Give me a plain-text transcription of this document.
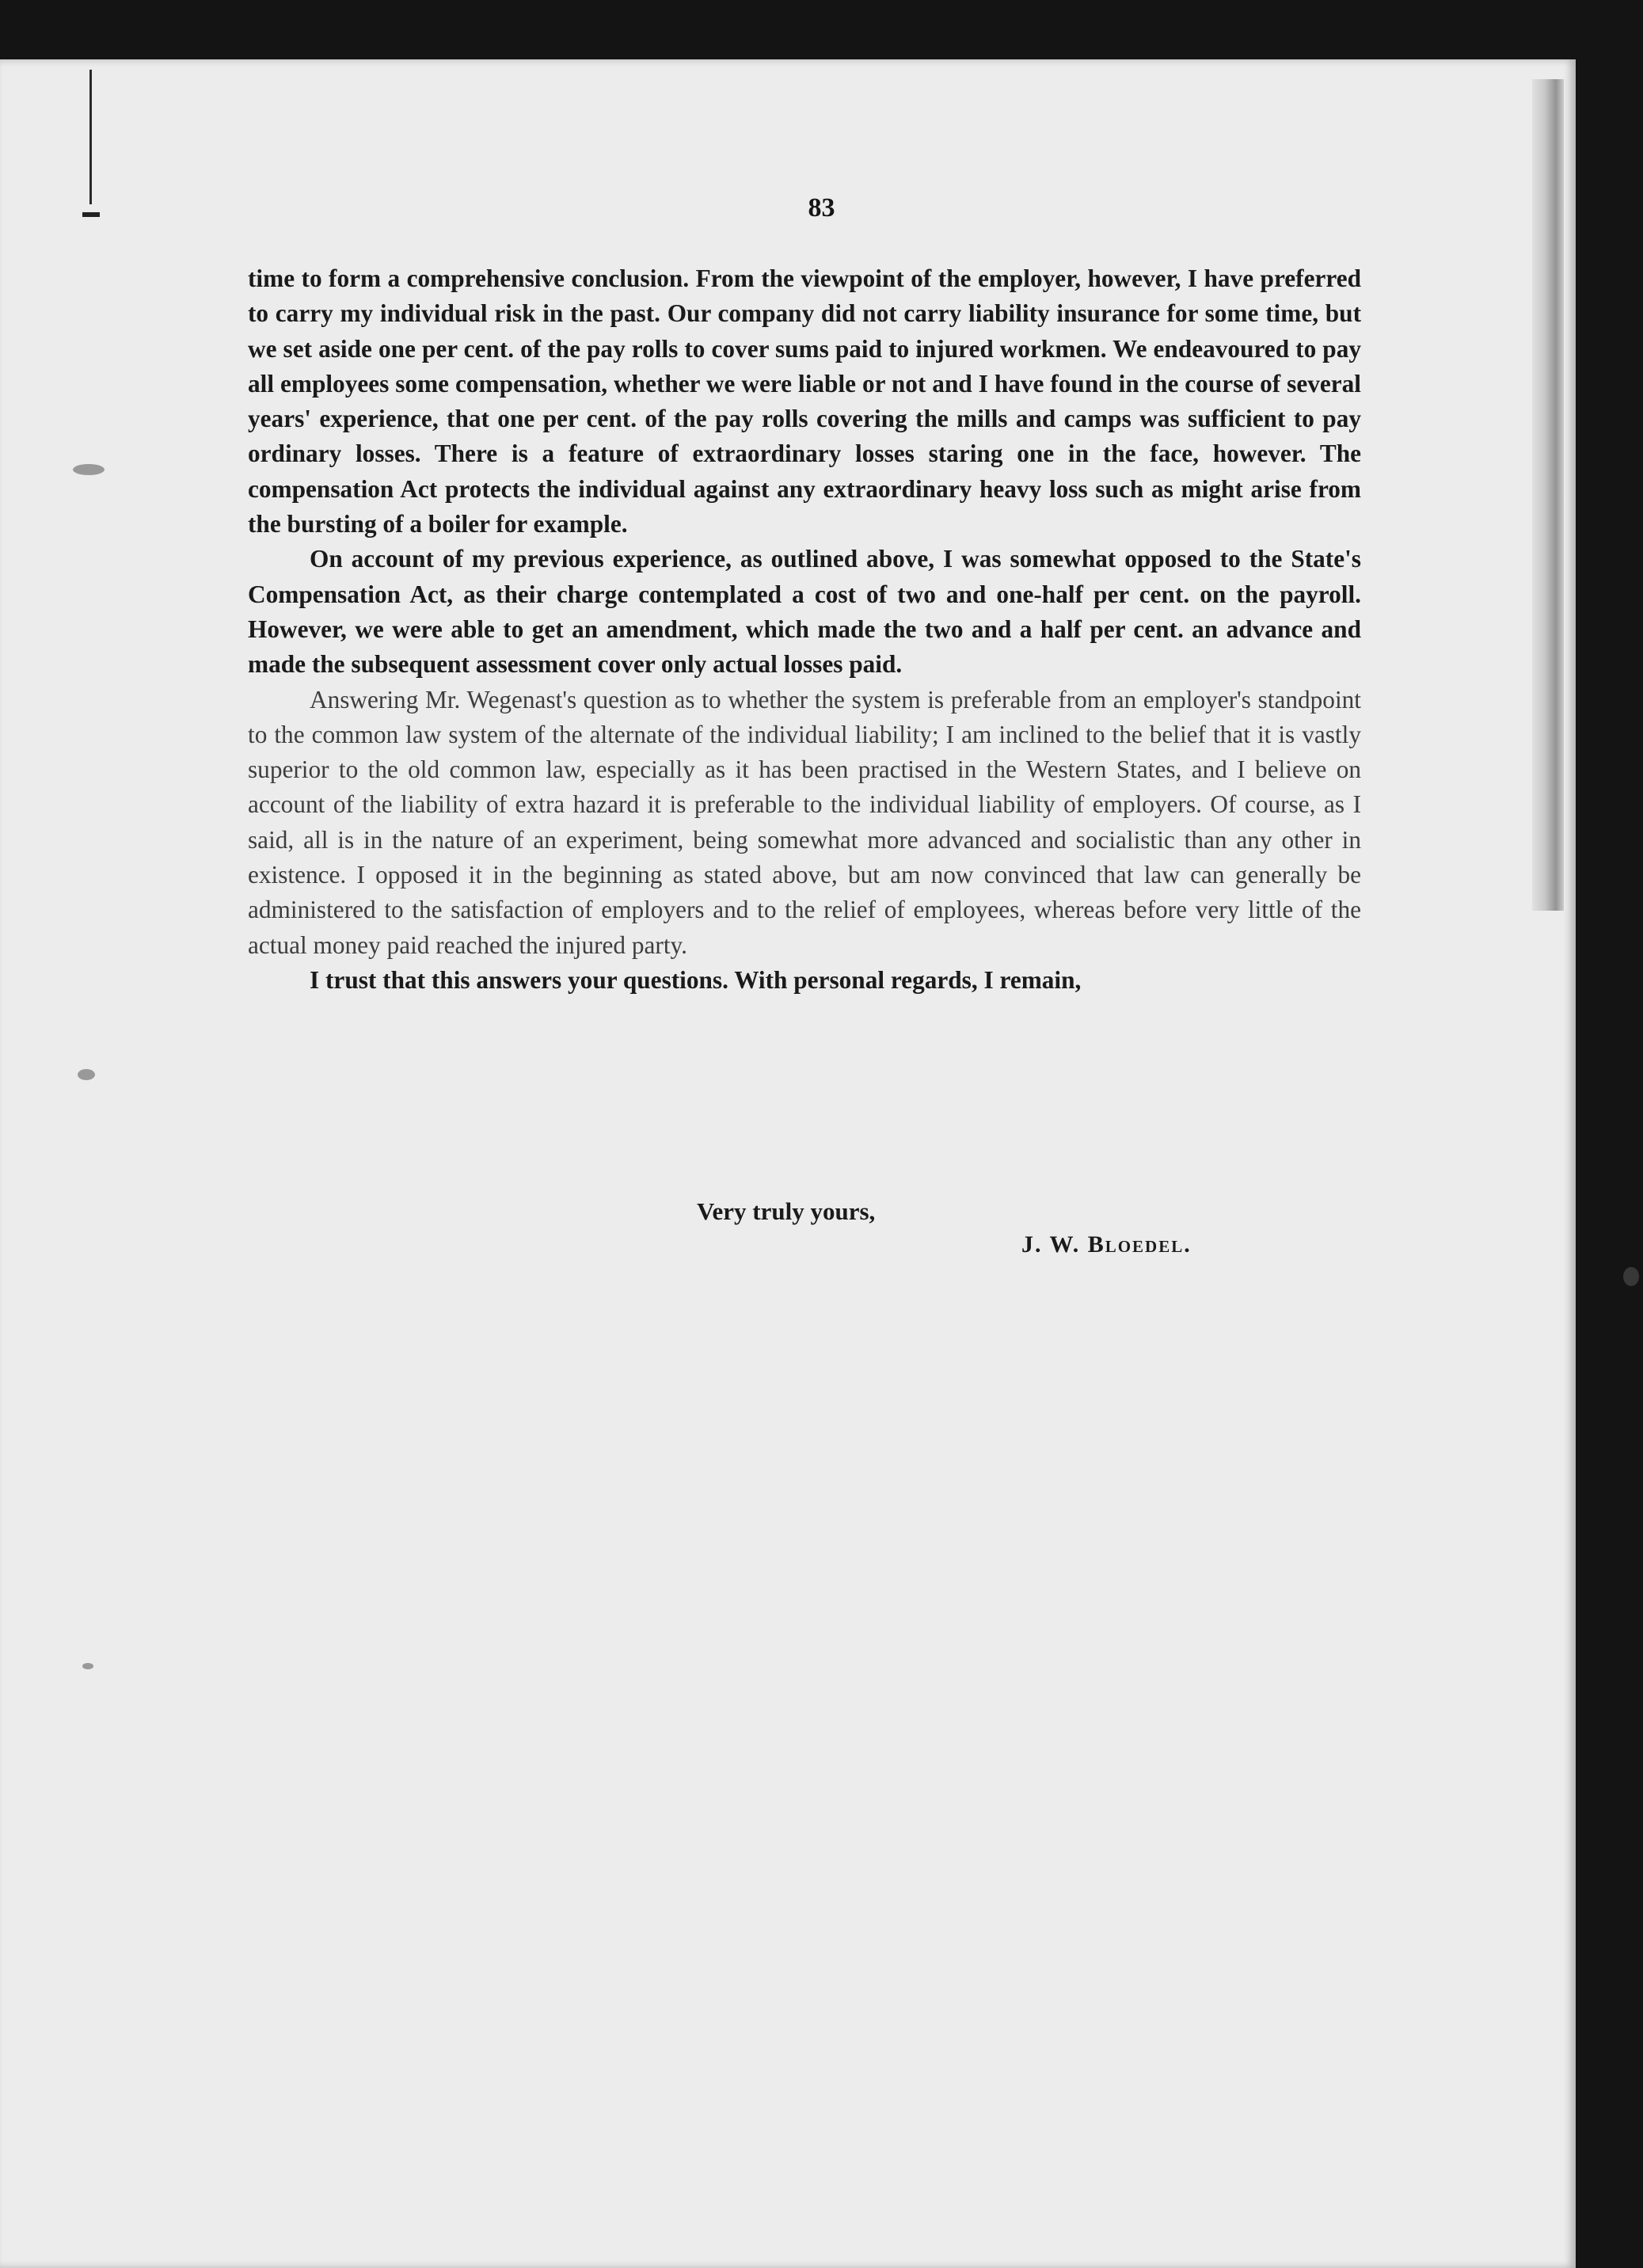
83

time to form a comprehensive conclusion. From the viewpoint of the employer, however, I have preferred to carry my individual risk in the past. Our company did not carry liability insurance for some time, but we set aside one per cent. of the pay rolls to cover sums paid to injured workmen. We endeavoured to pay all employees some compensation, whether we were liable or not and I have found in the course of several years' experience, that one per cent. of the pay rolls covering the mills and camps was sufficient to pay ordinary losses. There is a feature of extraordinary losses staring one in the face, however. The compensation Act protects the individual against any extraordinary heavy loss such as might arise from the bursting of a boiler for example.

On account of my previous experience, as outlined above, I was somewhat opposed to the State's Compensation Act, as their charge contemplated a cost of two and one-half per cent. on the payroll. However, we were able to get an amendment, which made the two and a half per cent. an advance and made the subsequent assessment cover only actual losses paid.

Answering Mr. Wegenast's question as to whether the system is preferable from an employer's standpoint to the common law system of the alternate of the individual liability; I am inclined to the belief that it is vastly superior to the old common law, especially as it has been practised in the Western States, and I believe on account of the liability of extra hazard it is preferable to the individual liability of employers. Of course, as I said, all is in the nature of an experiment, being somewhat more advanced and socialistic than any other in existence. I opposed it in the beginning as stated above, but am now convinced that law can generally be administered to the satisfaction of employers and to the relief of employees, whereas before very little of the actual money paid reached the injured party.

I trust that this answers your questions. With personal regards, I remain,

Very truly yours,
J. W. Bloedel.
